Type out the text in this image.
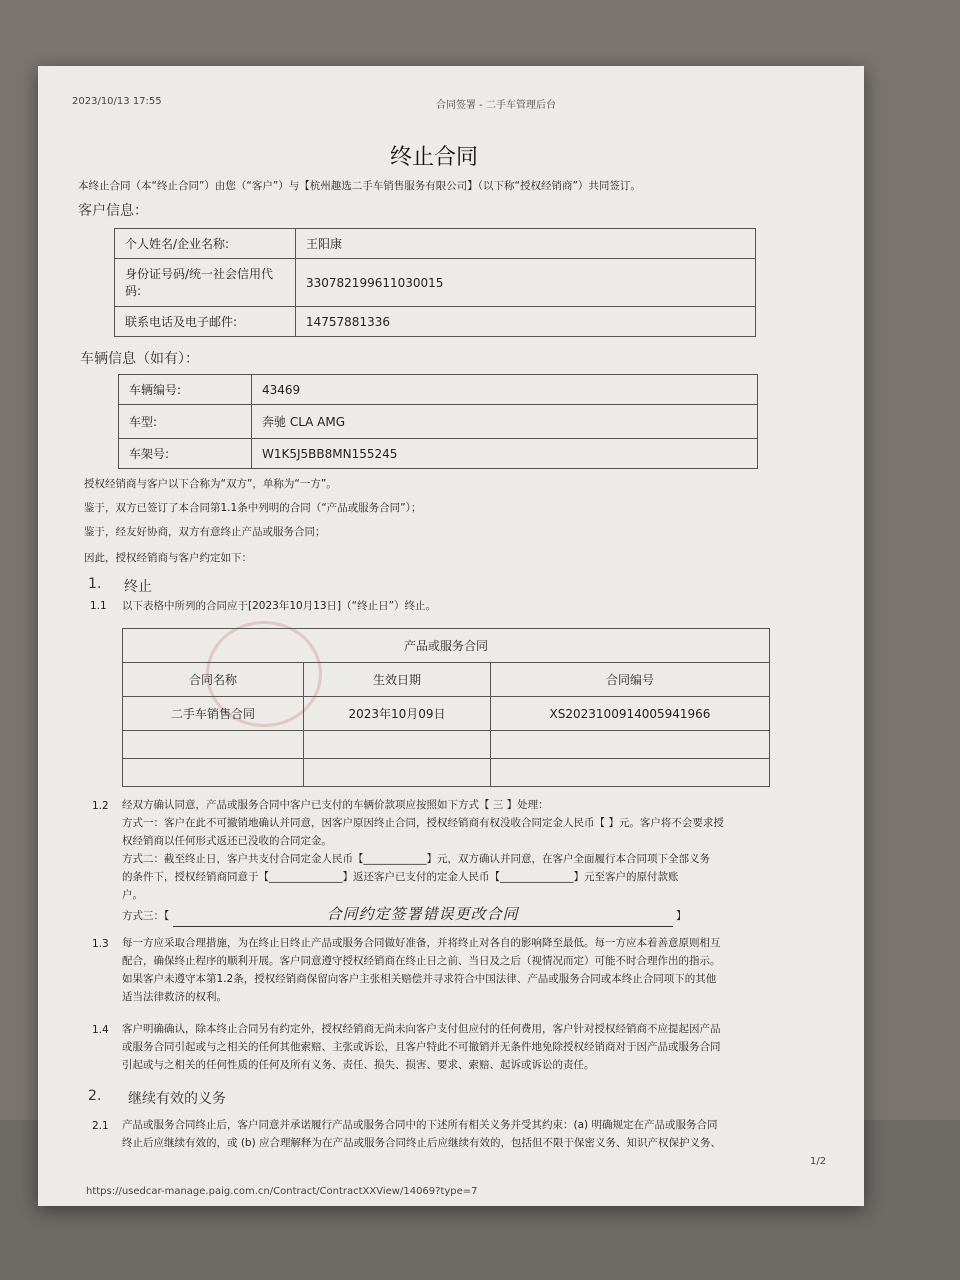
2023/10/13 17:55	合同签署 - 二手车管理后台
终止合同
本终止合同（本“终止合同”）由您（“客户”）与【杭州趣选二手车销售服务有限公司】（以下称“授权经销商”）共同签订。
客户信息：
个人姓名/企业名称:	王阳康
身份证号码/统一社会信用代码:	330782199611030015
联系电话及电子邮件:	14757881336
车辆信息（如有）：
车辆编号:	43469
车型:	奔驰 CLA AMG
车架号:	W1K5J5BB8MN155245
授权经销商与客户以下合称为“双方”，单称为“一方”。
鉴于，双方已签订了本合同第1.1条中列明的合同（“产品或服务合同”）；
鉴于，经友好协商，双方有意终止产品或服务合同；
因此，授权经销商与客户约定如下：
1. 终止
1.1 以下表格中所列的合同应于[2023年10月13日]（“终止日”）终止。
产品或服务合同		
合同名称	生效日期	合同编号
二手车销售合同	2023年10月09日	XS2023100914005941966

1.2 经双方确认同意，产品或服务合同中客户已支付的车辆价款项应按照如下方式【 三 】处理：
方式一：客户在此不可撤销地确认并同意，因客户原因终止合同，授权经销商有权没收合同定金人民币【 】元。客户将不会要求授
权经销商以任何形式返还已没收的合同定金。
方式二：截至终止日，客户共支付合同定金人民币【____________】元，双方确认并同意，在客户全面履行本合同项下全部义务
的条件下，授权经销商同意于【______________】返还客户已支付的定金人民币【______________】元至客户的原付款账
户。
方式三：【	合同约定签署错误更改合同	】
1.3 每一方应采取合理措施，为在终止日终止产品或服务合同做好准备，并将终止对各自的影响降至最低。每一方应本着善意原则相互
配合，确保终止程序的顺利开展。客户同意遵守授权经销商在终止日之前、当日及之后（视情况而定）可能不时合理作出的指示。
如果客户未遵守本第1.2条，授权经销商保留向客户主张相关赔偿并寻求符合中国法律、产品或服务合同或本终止合同项下的其他
适当法律救济的权利。
1.4 客户明确确认，除本终止合同另有约定外，授权经销商无尚未向客户支付但应付的任何费用，客户针对授权经销商不应提起因产品
或服务合同引起或与之相关的任何其他索赔、主张或诉讼，且客户特此不可撤销并无条件地免除授权经销商对于因产品或服务合同
引起或与之相关的任何性质的任何及所有义务、责任、损失、损害、要求、索赔、起诉或诉讼的责任。
2. 继续有效的义务
2.1 产品或服务合同终止后，客户同意并承诺履行产品或服务合同中的下述所有相关义务并受其约束：(a) 明确规定在产品或服务合同
终止后应继续有效的，或 (b) 应合理解释为在产品或服务合同终止后应继续有效的，包括但不限于保密义务、知识产权保护义务、
1/2
https://usedcar-manage.paig.com.cn/Contract/ContractXXView/14069?type=7
